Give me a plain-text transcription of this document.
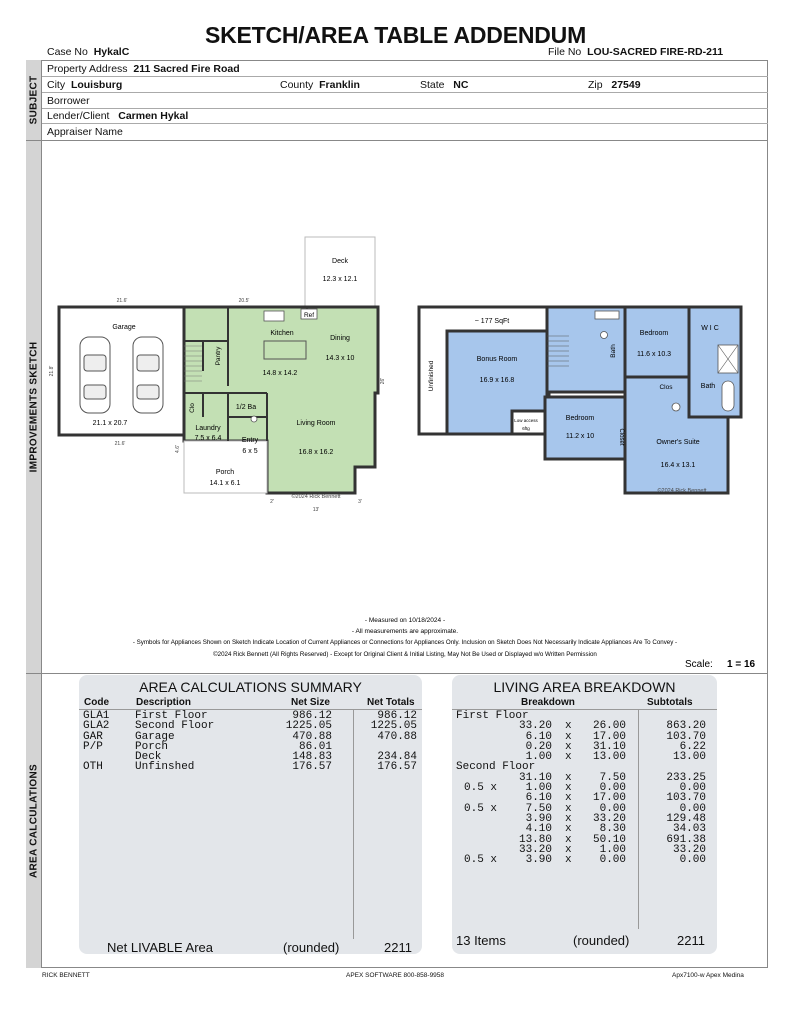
SKETCH/AREA TABLE ADDENDUM
Case No HykalC	File No LOU-SACRED FIRE-RD-211
SUBJECT
IMPROVEMENTS SKETCH
AREA CALCULATIONS
Property Address 211 Sacred Fire Road
City Louisburg	County Franklin	State NC	Zip 27549
Borrower
Lender/Client Carmen Hykal
Appraiser Name
Deck
12.3 x 12.1
Garage
21.1 x 20.7
Porch
14.1 x 6.1
Ref
Kitchen
14.8 x 14.2
Dining
14.3 x 10
Pantry
Clo	1/2 Ba
Laundry
7.5 x 6.4	Entry
6 x 5
Living Room
16.8 x 16.2
©2024 Rick Bennett
21.6'	20.5'
21.8'
21.6'
26'
13'
4.6'
2'	3'
Unfinished
~ 177 SqFt
Bath
Bonus Room
16.9 x 16.8
Bedroom
11.6 x 10.3
W I C
Clos	Bath
Bedroom
11.2 x 10	Closet
Low access
6ftg
Owner's Suite
16.4 x 13.1
©2024 Rick Bennett
- Measured on 10/18/2024 -
- All measurements are approximate.
- Symbols for Appliances Shown on Sketch Indicate Location of Current Appliances or Connections for Appliances Only. Inclusion on Sketch Does Not Necessarily Indicate Appliances Are To Convey -
©2024 Rick Bennett (All Rights Reserved) - Except for Original Client & Initial Listing, May Not Be Used or Displayed w/o Written Permission
Scale: 1 = 16
AREA CALCULATIONS SUMMARY
Code	Description	Net Size	Net Totals
GLA1 First Floor	986.12	986.12
GLA2 Second Floor	1225.05	1225.05
GAR	Garage	470.88	470.88
P/P	Porch	86.01
Deck	148.83	234.84
OTH	Unfinshed	176.57	176.57
Net LIVABLE Area	(rounded)	2211
LIVING AREA BREAKDOWN
Breakdown	Subtotals
First Floor
33.20 x 26.00	863.20
6.10 x 17.00	103.70
0.20 x 31.10	6.22
1.00 x 13.00	13.00
Second Floor
31.10 x	7.50	233.25
0.5 x	1.00 x	0.00	0.00
6.10 x 17.00	103.70
0.5 x	7.50 x	0.00	0.00
3.90 x 33.20	129.48
4.10 x	8.30	34.03
13.80 x 50.10	691.38
33.20 x	1.00	33.20
0.5 x	3.90 x	0.00	0.00
13 Items	(rounded)	2211
RICK BENNETT	APEX SOFTWARE 800-858-9958	Apx7100-w Apex Medina
